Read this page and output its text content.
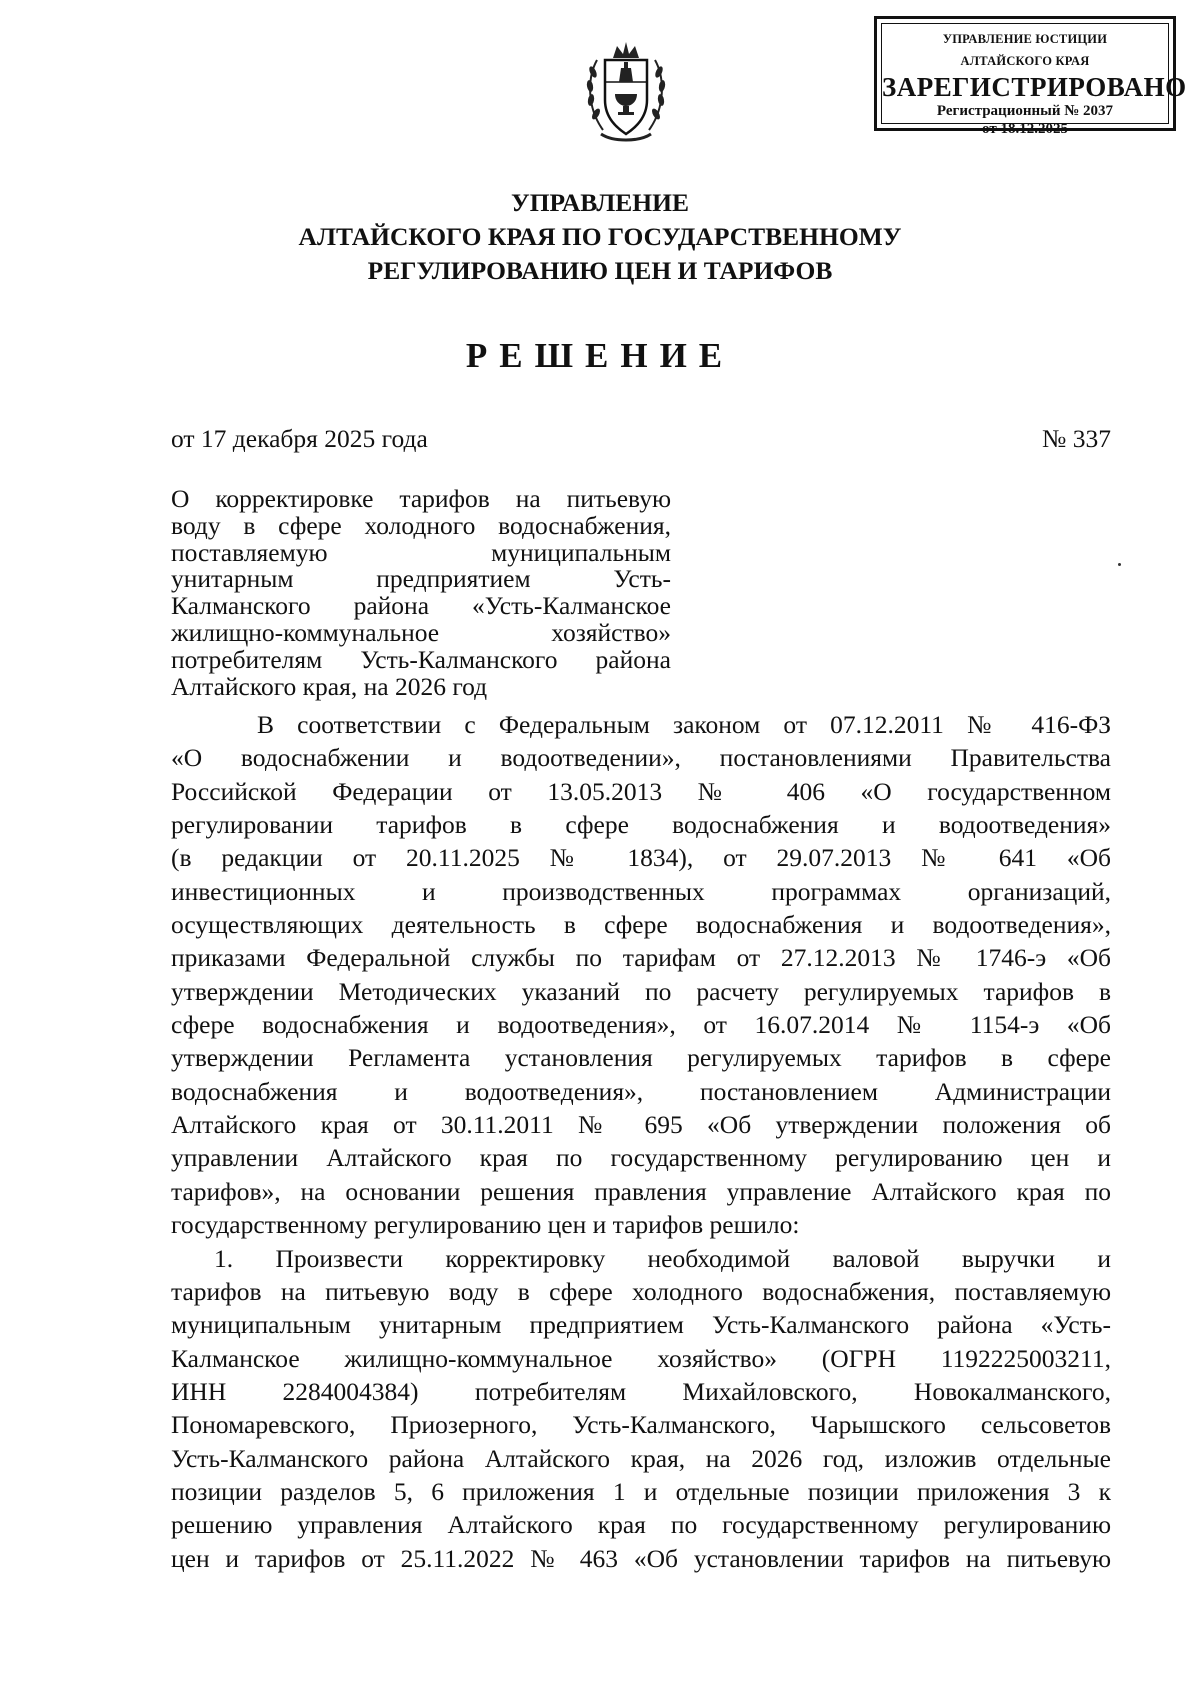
УПРАВЛЕНИЕ ЮСТИЦИИ
АЛТАЙСКОГО КРАЯ
ЗАРЕГИСТРИРОВАНО
Регистрационный № 2037
от 18.12.2025
УПРАВЛЕНИЕ
АЛТАЙСКОГО КРАЯ ПО ГОСУДАРСТВЕННОМУ
РЕГУЛИРОВАНИЮ ЦЕН И ТАРИФОВ
РЕШЕНИЕ
от 17 декабря 2025 года	№ 337
О корректировке тарифов на питьевую
воду в сфере холодного водоснабжения,
поставляемую муниципальным
унитарным предприятием Усть-
Калманского района «Усть-Калманское
жилищно-коммунальное хозяйство»
потребителям Усть-Калманского района
Алтайского края, на 2026 год
В соответствии с Федеральным законом от 07.12.2011 № 416-ФЗ
«О водоснабжении и водоотведении», постановлениями Правительства
Российской Федерации от 13.05.2013 № 406 «О государственном
регулировании тарифов в сфере водоснабжения и водоотведения»
(в редакции от 20.11.2025 № 1834), от 29.07.2013 № 641 «Об
инвестиционных и производственных программах организаций,
осуществляющих деятельность в сфере водоснабжения и водоотведения»,
приказами Федеральной службы по тарифам от 27.12.2013 № 1746-э «Об
утверждении Методических указаний по расчету регулируемых тарифов в
сфере водоснабжения и водоотведения», от 16.07.2014 № 1154-э «Об
утверждении Регламента установления регулируемых тарифов в сфере
водоснабжения и водоотведения», постановлением Администрации
Алтайского края от 30.11.2011 № 695 «Об утверждении положения об
управлении Алтайского края по государственному регулированию цен и
тарифов», на основании решения правления управление Алтайского края по
государственному регулированию цен и тарифов решило:
1. Произвести корректировку необходимой валовой выручки и
тарифов на питьевую воду в сфере холодного водоснабжения, поставляемую
муниципальным унитарным предприятием Усть-Калманского района «Усть-
Калманское жилищно-коммунальное хозяйство» (ОГРН 1192225003211,
ИНН 2284004384) потребителям Михайловского, Новокалманского,
Пономаревского, Приозерного, Усть-Калманского, Чарышского сельсоветов
Усть-Калманского района Алтайского края, на 2026 год, изложив отдельные
позиции разделов 5, 6 приложения 1 и отдельные позиции приложения 3 к
решению управления Алтайского края по государственному регулированию
цен и тарифов от 25.11.2022 № 463 «Об установлении тарифов на питьевую
